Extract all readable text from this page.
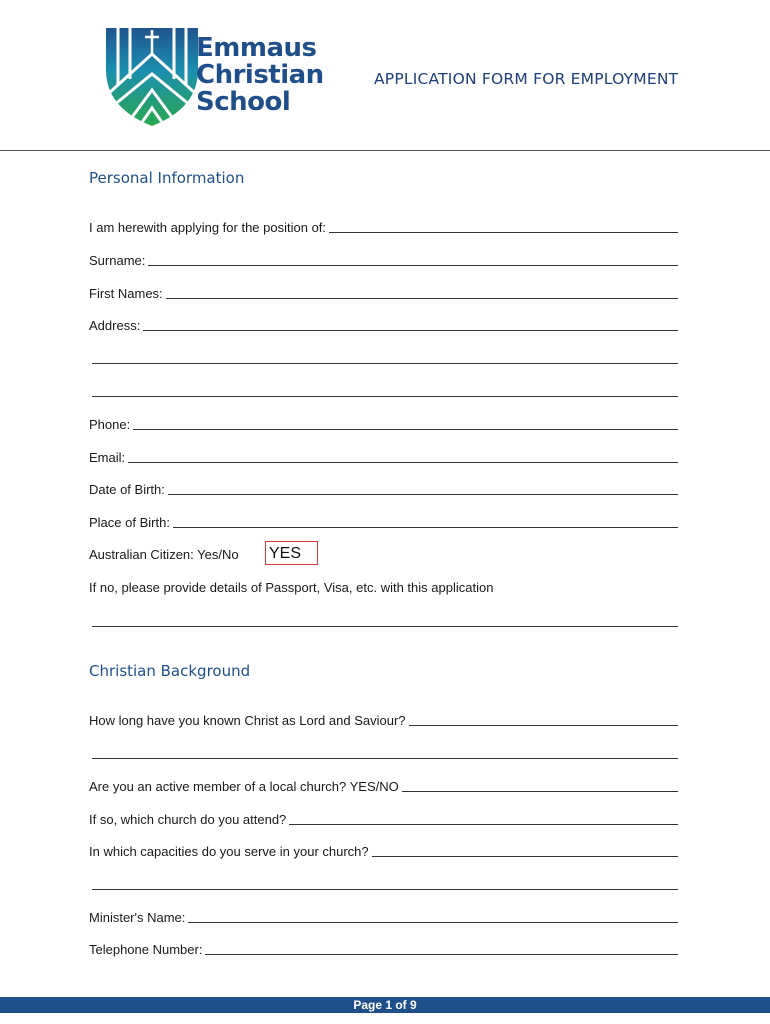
Emmaus
Christian
School
APPLICATION FORM FOR EMPLOYMENT
Personal Information
I am herewith applying for the position of:
Surname:
First Names:
Address:
Phone:
Email:
Date of Birth:
Place of Birth:
Australian Citizen: Yes/No YES
If no, please provide details of Passport, Visa, etc. with this application
Christian Background
How long have you known Christ as Lord and Saviour?
Are you an active member of a local church? YES/NO
If so, which church do you attend?
In which capacities do you serve in your church?
Minister's Name:
Telephone Number:
Page 1 of 9
